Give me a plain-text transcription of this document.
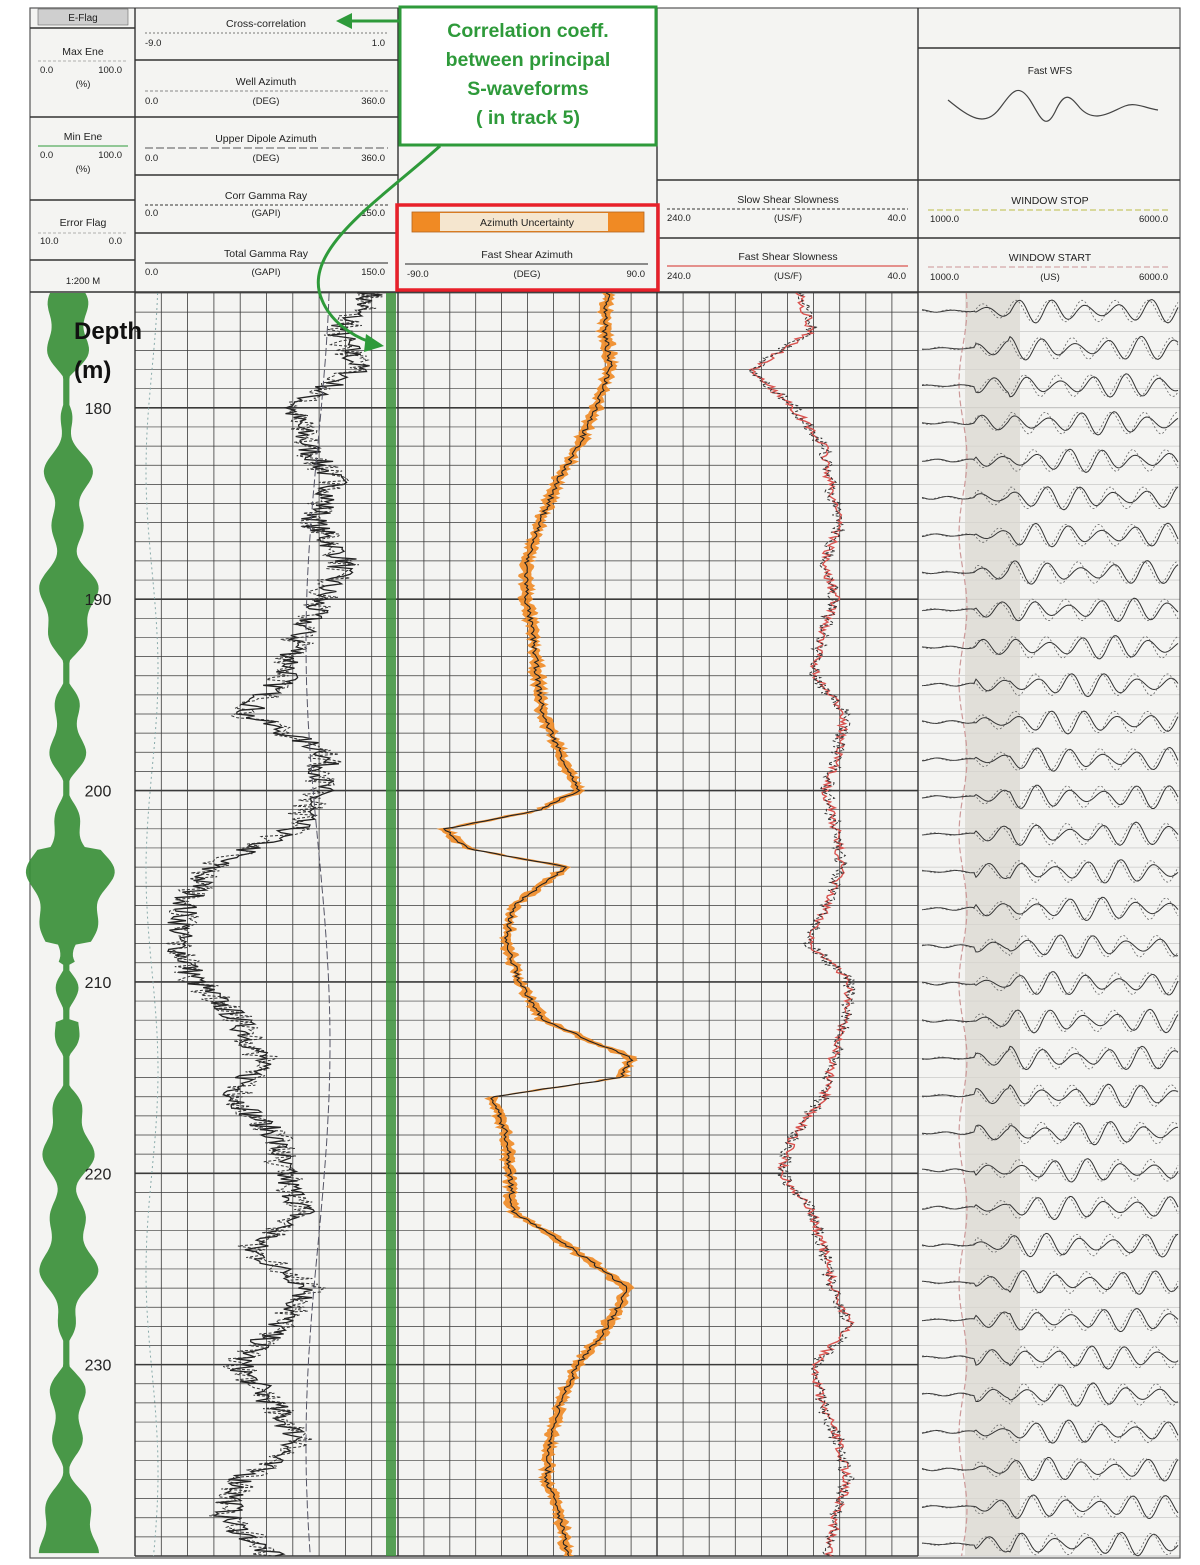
E-Flag
Max Ene
0.0	100.0
(%)
Min Ene
0.0	100.0
(%)
Error Flag
10.0	0.0
1:200 M
Cross-correlation
-9.0	1.0
Well Azimuth
0.0	(DEG)	360.0
Upper Dipole Azimuth
0.0	(DEG)	360.0
Corr Gamma Ray
0.0	(GAPI)	150.0
Total Gamma Ray
0.0	(GAPI)	150.0
Azimuth Uncertainty
Fast Shear Azimuth
-90.0	(DEG)	90.0
Slow Shear Slowness
240.0	(US/F)	40.0
Fast Shear Slowness
240.0	(US/F)	40.0
Fast WFS
WINDOW STOP
1000.0	6000.0
WINDOW START
1000.0	(US)	6000.0
Correlation coeff.
between principal
S-waveforms
( in track 5)
Depth
(m)
180
190
200
210
220
230
